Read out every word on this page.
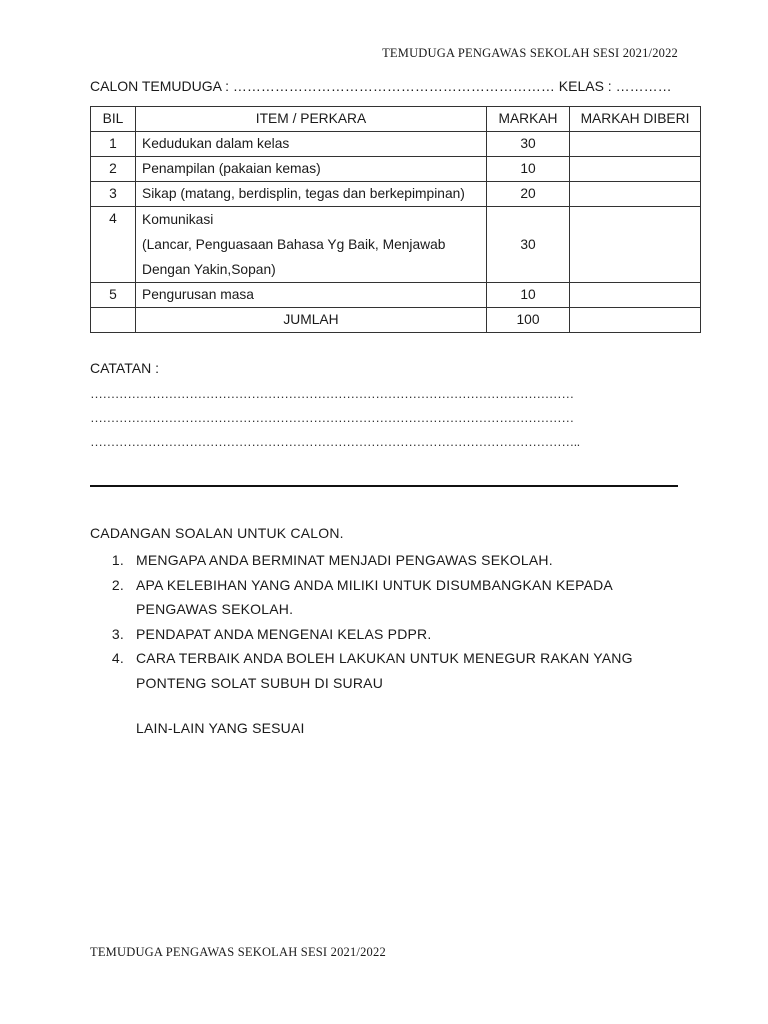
TEMUDUGA PENGAWAS SEKOLAH SESI 2021/2022
CALON TEMUDUGA : …………………………………………………………… KELAS : …………
BIL	ITEM / PERKARA	MARKAH	MARKAH DIBERI
1	Kedudukan dalam kelas	30	
2	Penampilan (pakaian kemas)	10	
3	Sikap (matang, berdisplin, tegas dan berkepimpinan)	20	
4	Komunikasi
(Lancar, Penguasaan Bahasa Yg Baik, Menjawab
Dengan Yakin,Sopan)	30	
5	Pengurusan masa	10	
	JUMLAH	100	
CATATAN :
………………………………………………………………………………………………………
………………………………………………………………………………………………………
………………………………………………………………………………………………………..
CADANGAN SOALAN UNTUK CALON.
1. MENGAPA ANDA BERMINAT MENJADI PENGAWAS SEKOLAH.
2. APA KELEBIHAN YANG ANDA MILIKI UNTUK DISUMBANGKAN KEPADA
PENGAWAS SEKOLAH.
3. PENDAPAT ANDA MENGENAI KELAS PDPR.
4. CARA TERBAIK ANDA BOLEH LAKUKAN UNTUK MENEGUR RAKAN YANG
PONTENG SOLAT SUBUH DI SURAU
LAIN-LAIN YANG SESUAI
TEMUDUGA PENGAWAS SEKOLAH SESI 2021/2022
